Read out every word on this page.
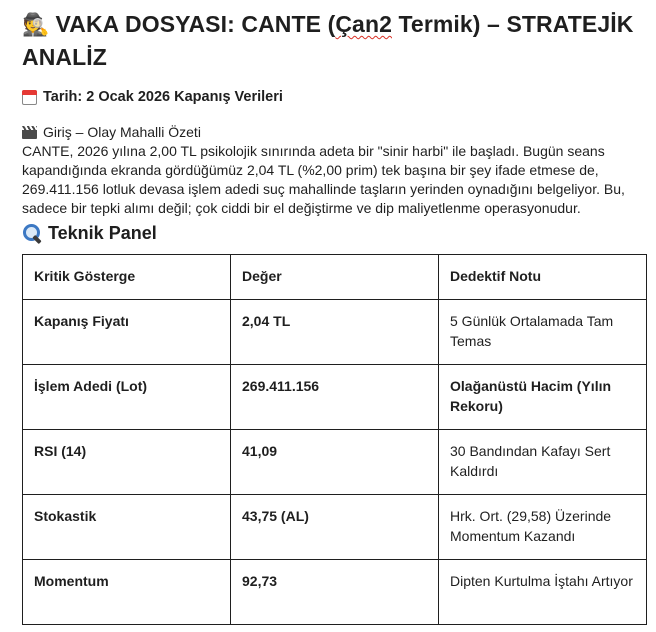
🕵️ VAKA DOSYASI: CANTE (Çan2 Termik) – STRATEJİK ANALİZ
Tarih: 2 Ocak 2026 Kapanış Verileri
Giriş – Olay Mahalli Özeti

CANTE, 2026 yılına 2,00 TL psikolojik sınırında adeta bir "sinir harbi" ile başladı. Bugün seans kapandığında ekranda gördüğümüz 2,04 TL (%2,00 prim) tek başına bir şey ifade etmese de, 269.411.156 lotluk devasa işlem adedi suç mahallinde taşların yerinden oynadığını belgeliyor. Bu, sadece bir tepki alımı değil; çok ciddi bir el değiştirme ve dip maliyetlenme operasyonudur.

Teknik Panel
Kritik Gösterge	Değer	Dedektif Notu
Kapanış Fiyatı	2,04 TL	5 Günlük Ortalamada Tam Temas
İşlem Adedi (Lot)	269.411.156	Olağanüstü Hacim (Yılın Rekoru)
RSI (14)	41,09	30 Bandından Kafayı Sert Kaldırdı
Stokastik	43,75 (AL)	Hrk. Ort. (29,58) Üzerinde Momentum Kazandı
Momentum	92,73	Dipten Kurtulma İştahı Artıyor
